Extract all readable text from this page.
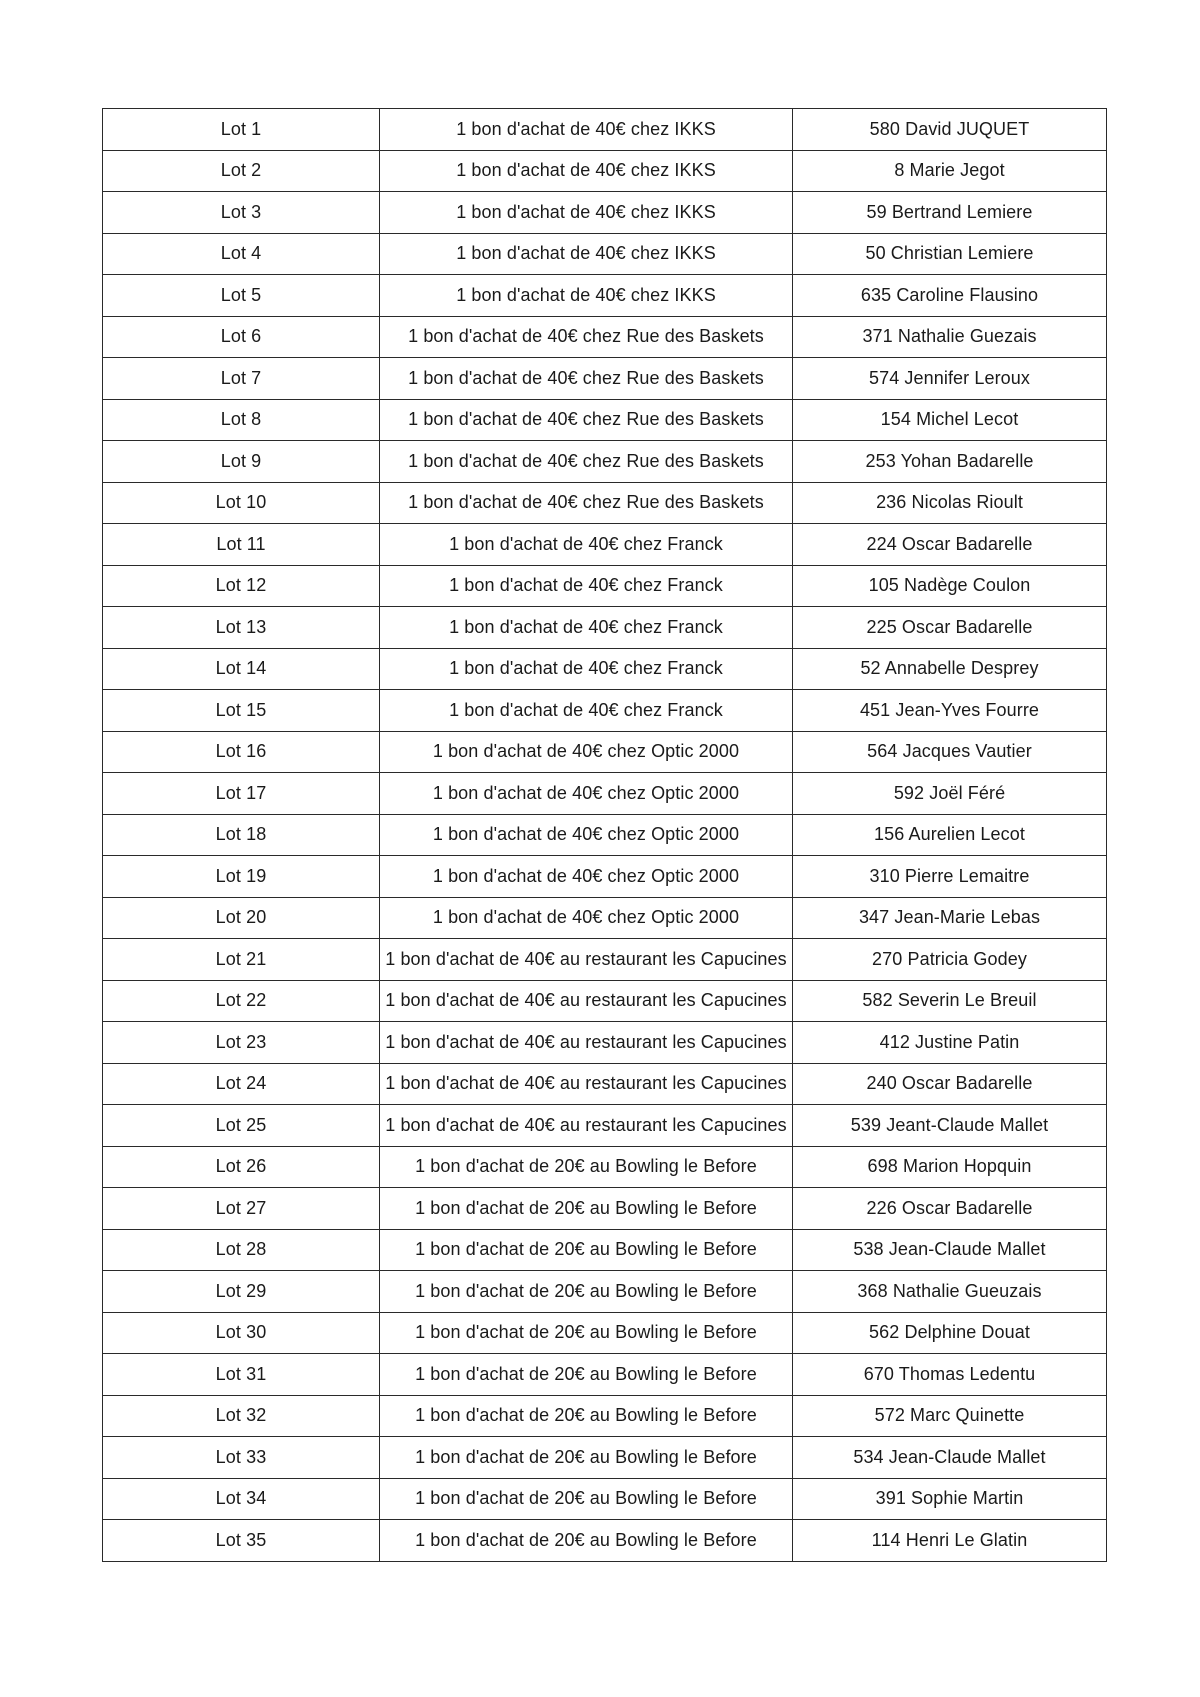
Lot 1	1 bon d'achat de 40€ chez IKKS	580 David JUQUET
Lot 2	1 bon d'achat de 40€ chez IKKS	8 Marie Jegot
Lot 3	1 bon d'achat de 40€ chez IKKS	59 Bertrand Lemiere
Lot 4	1 bon d'achat de 40€ chez IKKS	50 Christian Lemiere
Lot 5	1 bon d'achat de 40€ chez IKKS	635 Caroline Flausino
Lot 6	1 bon d'achat de 40€ chez Rue des Baskets	371 Nathalie Guezais
Lot 7	1 bon d'achat de 40€ chez Rue des Baskets	574 Jennifer Leroux
Lot 8	1 bon d'achat de 40€ chez Rue des Baskets	154 Michel Lecot
Lot 9	1 bon d'achat de 40€ chez Rue des Baskets	253 Yohan Badarelle
Lot 10	1 bon d'achat de 40€ chez Rue des Baskets	236 Nicolas Rioult
Lot 11	1 bon d'achat de 40€ chez Franck	224 Oscar Badarelle
Lot 12	1 bon d'achat de 40€ chez Franck	105 Nadège Coulon
Lot 13	1 bon d'achat de 40€ chez Franck	225 Oscar Badarelle
Lot 14	1 bon d'achat de 40€ chez Franck	52 Annabelle Desprey
Lot 15	1 bon d'achat de 40€ chez Franck	451 Jean-Yves Fourre
Lot 16	1 bon d'achat de 40€ chez Optic 2000	564 Jacques Vautier
Lot 17	1 bon d'achat de 40€ chez Optic 2000	592 Joël Féré
Lot 18	1 bon d'achat de 40€ chez Optic 2000	156 Aurelien Lecot
Lot 19	1 bon d'achat de 40€ chez Optic 2000	310 Pierre Lemaitre
Lot 20	1 bon d'achat de 40€ chez Optic 2000	347 Jean-Marie Lebas
Lot 21	1 bon d'achat de 40€ au restaurant les Capucines	270 Patricia Godey
Lot 22	1 bon d'achat de 40€ au restaurant les Capucines	582 Severin Le Breuil
Lot 23	1 bon d'achat de 40€ au restaurant les Capucines	412 Justine Patin
Lot 24	1 bon d'achat de 40€ au restaurant les Capucines	240 Oscar Badarelle
Lot 25	1 bon d'achat de 40€ au restaurant les Capucines	539 Jeant-Claude Mallet
Lot 26	1 bon d'achat de 20€ au Bowling le Before	698 Marion Hopquin
Lot 27	1 bon d'achat de 20€ au Bowling le Before	226 Oscar Badarelle
Lot 28	1 bon d'achat de 20€ au Bowling le Before	538 Jean-Claude Mallet
Lot 29	1 bon d'achat de 20€ au Bowling le Before	368 Nathalie Gueuzais
Lot 30	1 bon d'achat de 20€ au Bowling le Before	562 Delphine Douat
Lot 31	1 bon d'achat de 20€ au Bowling le Before	670 Thomas Ledentu
Lot 32	1 bon d'achat de 20€ au Bowling le Before	572 Marc Quinette
Lot 33	1 bon d'achat de 20€ au Bowling le Before	534 Jean-Claude Mallet
Lot 34	1 bon d'achat de 20€ au Bowling le Before	391 Sophie Martin
Lot 35	1 bon d'achat de 20€ au Bowling le Before	114 Henri Le Glatin
